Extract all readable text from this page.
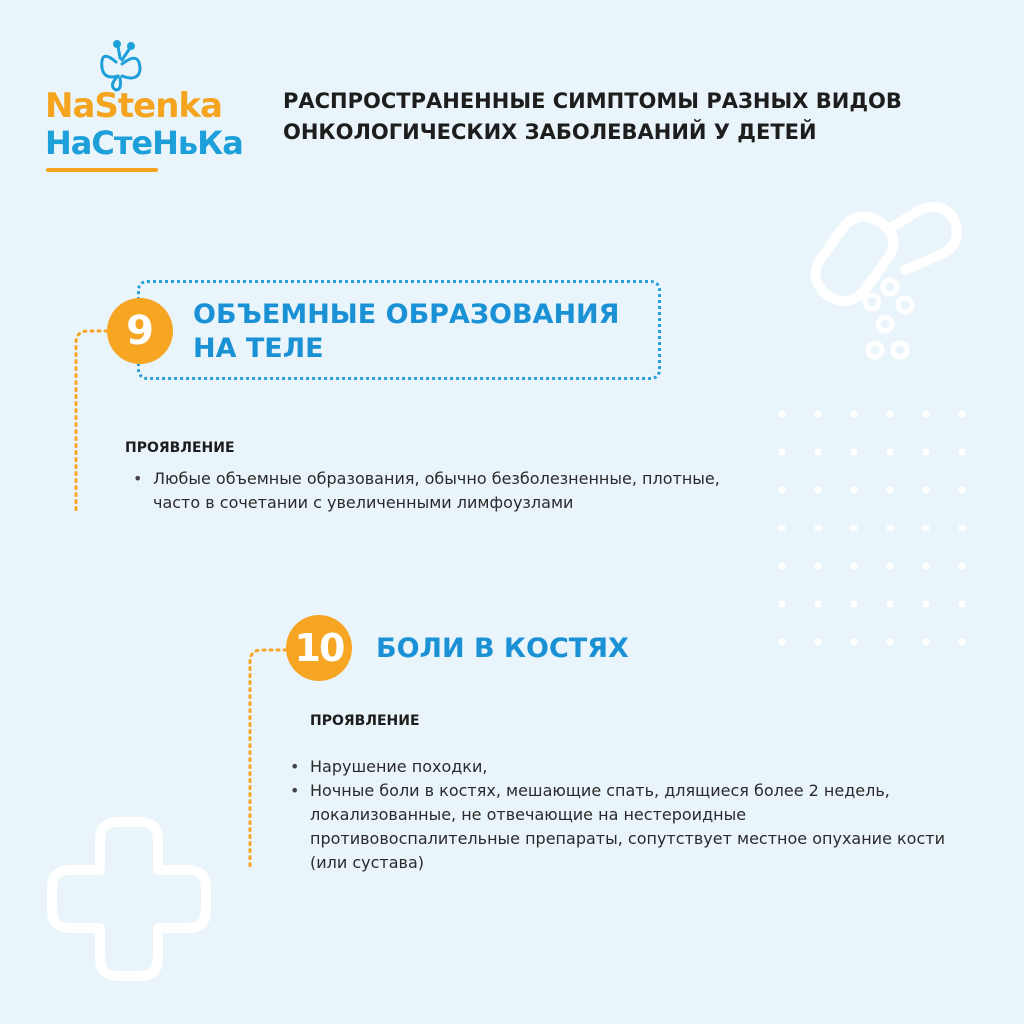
NaStenka
НаСтеНьКа
РАСПРОСТРАНЕННЫЕ СИМПТОМЫ РАЗНЫХ ВИДОВ
ОНКОЛОГИЧЕСКИХ ЗАБОЛЕВАНИЙ У ДЕТЕЙ
9	ОБЪЕМНЫЕ ОБРАЗОВАНИЯ
НА ТЕЛЕ
ПРОЯВЛЕНИЕ
• Любые объемные образования, обычно безболезненные, плотные, часто в сочетании с увеличенными лимфоузлами
10	БОЛИ В КОСТЯХ
ПРОЯВЛЕНИЕ
• Нарушение походки,
• Ночные боли в костях, мешающие спать, длящиеся более 2 недель, локализованные, не отвечающие на нестероидные противовоспалительные препараты, сопутствует местное опухание кости (или сустава)
